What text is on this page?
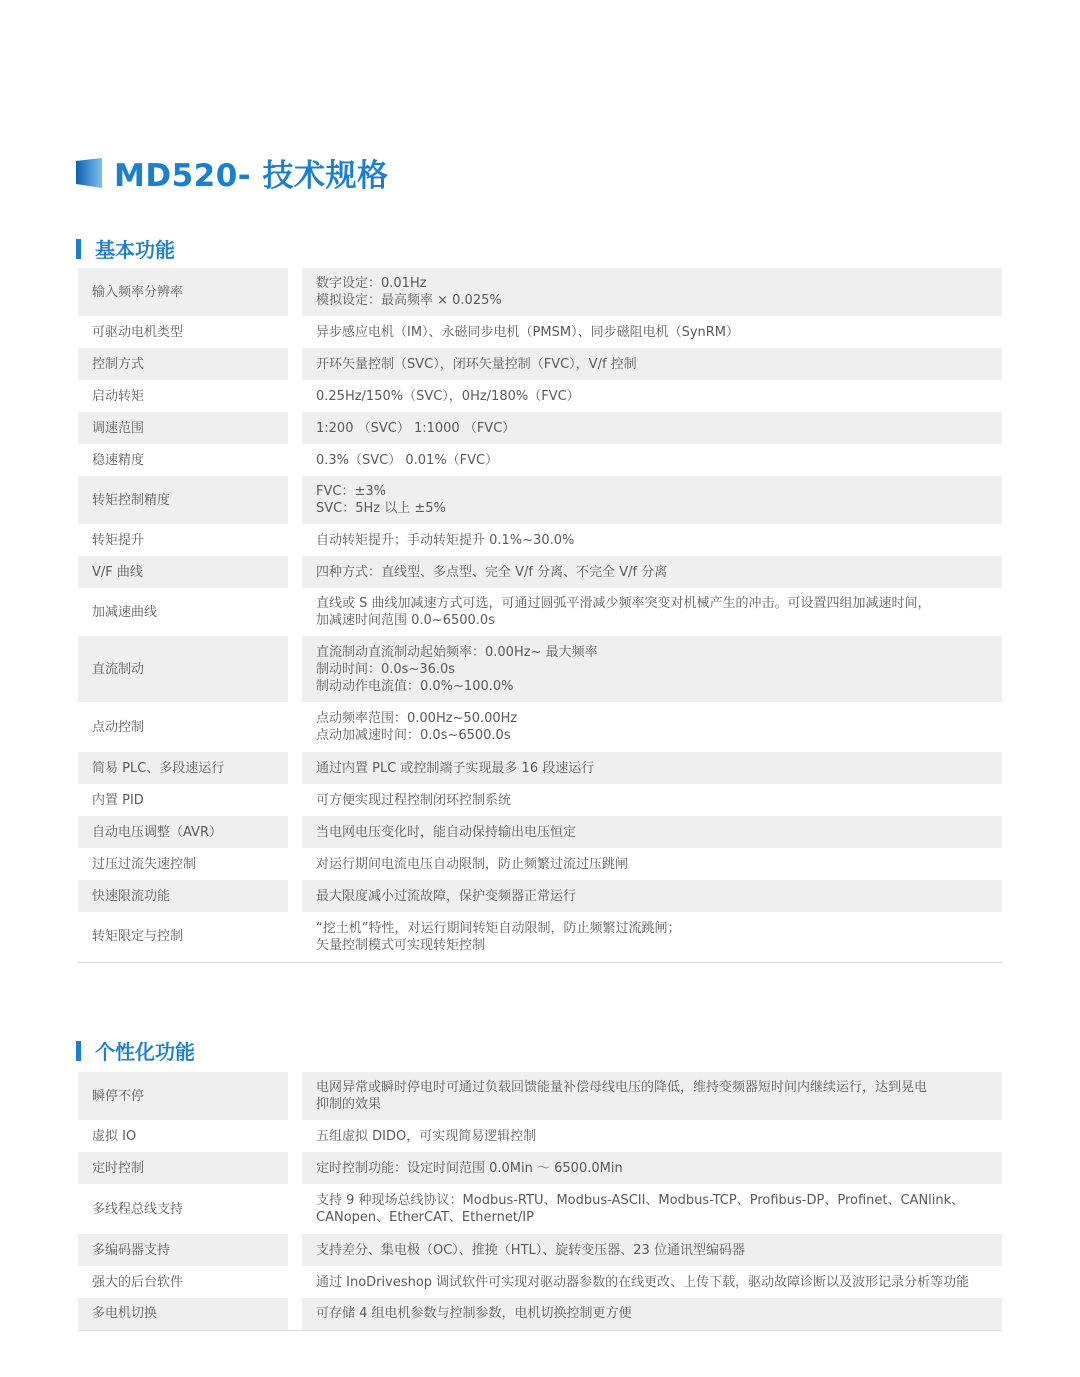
MD520- 技术规格
基本功能
输入频率分辨率		数字设定：0.01Hz
模拟设定：最高频率 × 0.025%

可驱动电机类型		异步感应电机（IM）、永磁同步电机（PMSM）、同步磁阻电机（SynRM）

控制方式		开环矢量控制（SVC），闭环矢量控制（FVC），V/f 控制

启动转矩		0.25Hz/150%（SVC），0Hz/180%（FVC）

调速范围		1:200 （SVC） 1:1000 （FVC）

稳速精度		0.3%（SVC） 0.01%（FVC）

转矩控制精度		FVC：±3%
SVC：5Hz 以上 ±5%

转矩提升		自动转矩提升；手动转矩提升 0.1%~30.0%

V/F 曲线		四种方式：直线型、多点型、完全 V/f 分离、不完全 V/f 分离

加减速曲线		直线或 S 曲线加减速方式可选，可通过圆弧平滑减少频率突变对机械产生的冲击。可设置四组加减速时间，
加减速时间范围 0.0~6500.0s

直流制动		直流制动直流制动起始频率：0.00Hz~ 最大频率
制动时间：0.0s~36.0s
制动动作电流值：0.0%~100.0%

点动控制		点动频率范围：0.00Hz~50.00Hz
点动加减速时间：0.0s~6500.0s

简易 PLC、多段速运行		通过内置 PLC 或控制端子实现最多 16 段速运行

内置 PID		可方便实现过程控制闭环控制系统

自动电压调整（AVR）		当电网电压变化时，能自动保持输出电压恒定

过压过流失速控制		对运行期间电流电压自动限制，防止频繁过流过压跳闸

快速限流功能		最大限度减小过流故障，保护变频器正常运行

转矩限定与控制		“挖土机”特性，对运行期间转矩自动限制，防止频繁过流跳闸；
矢量控制模式可实现转矩控制
个性化功能
瞬停不停		电网异常或瞬时停电时可通过负载回馈能量补偿母线电压的降低，维持变频器短时间内继续运行，达到晃电
抑制的效果

虚拟 IO		五组虚拟 DIDO，可实现简易逻辑控制

定时控制		定时控制功能：设定时间范围 0.0Min ～ 6500.0Min

多线程总线支持		支持 9 种现场总线协议：Modbus-RTU、Modbus-ASCII、Modbus-TCP、Profibus-DP、Profinet、CANlink、
CANopen、EtherCAT、Ethernet/IP

多编码器支持		支持差分、集电极（OC）、推挽（HTL）、旋转变压器、23 位通讯型编码器

强大的后台软件		通过 InoDriveshop 调试软件可实现对驱动器参数的在线更改、上传下载，驱动故障诊断以及波形记录分析等功能

多电机切换		可存储 4 组电机参数与控制参数，电机切换控制更方便
